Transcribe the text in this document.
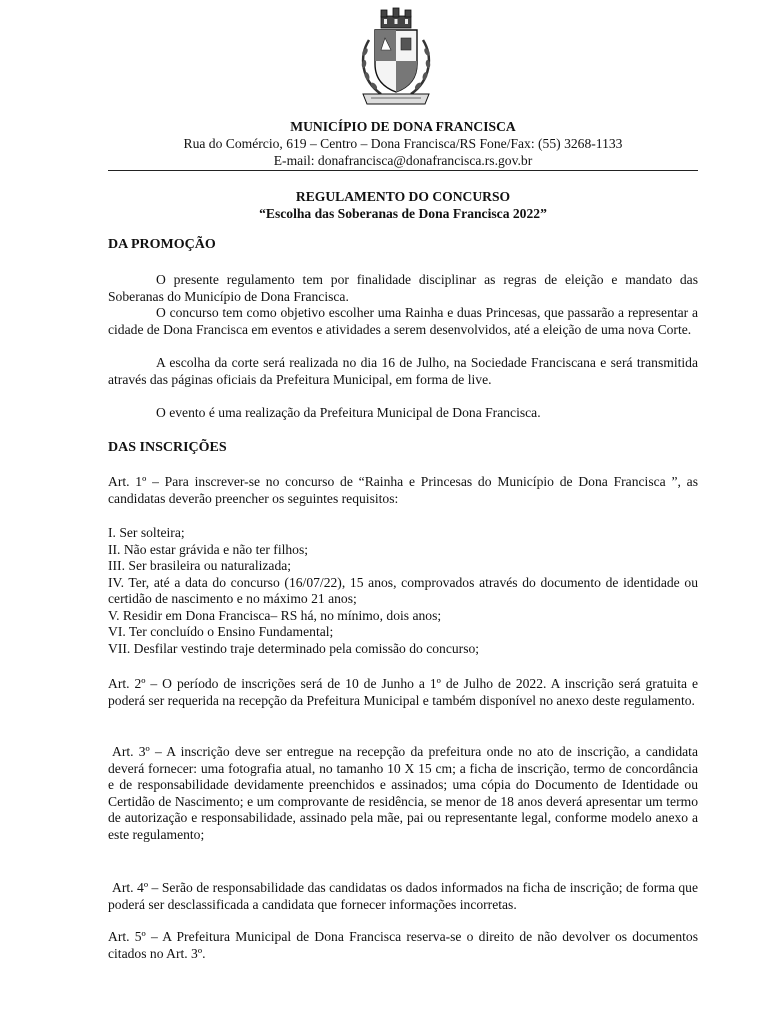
MUNICÍPIO DE DONA FRANCISCA
Rua do Comércio, 619 – Centro – Dona Francisca/RS Fone/Fax: (55) 3268-1133
E-mail: donafrancisca@donafrancisca.rs.gov.br
REGULAMENTO DO CONCURSO
“Escolha das Soberanas de Dona Francisca 2022”
DA PROMOÇÃO
O presente regulamento tem por finalidade disciplinar as regras de eleição e mandato das Soberanas do Município de Dona Francisca.
O concurso tem como objetivo escolher uma Rainha e duas Princesas, que passarão a representar a cidade de Dona Francisca em eventos e atividades a serem desenvolvidos, até a eleição de uma nova Corte.
A escolha da corte será realizada no dia 16 de Julho, na Sociedade Franciscana e será transmitida através das páginas oficiais da Prefeitura Municipal, em forma de live.
O evento é uma realização da Prefeitura Municipal de Dona Francisca.
DAS INSCRIÇÕES
Art. 1º – Para inscrever-se no concurso de “Rainha e Princesas do Município de Dona Francisca ”, as candidatas deverão preencher os seguintes requisitos:
I. Ser solteira;
II. Não estar grávida e não ter filhos;
III. Ser brasileira ou naturalizada;
IV. Ter, até a data do concurso (16/07/22), 15 anos, comprovados através do documento de identidade ou certidão de nascimento e no máximo 21 anos;
V. Residir em Dona Francisca– RS há, no mínimo, dois anos;
VI. Ter concluído o Ensino Fundamental;
VII. Desfilar vestindo traje determinado pela comissão do concurso;
Art. 2º – O período de inscrições será de 10 de Junho a 1º de Julho de 2022. A inscrição será gratuita e poderá ser requerida na recepção da Prefeitura Municipal e também disponível no anexo deste regulamento.
Art. 3º – A inscrição deve ser entregue na recepção da prefeitura onde no ato de inscrição, a candidata deverá fornecer: uma fotografia atual, no tamanho 10 X 15 cm; a ficha de inscrição, termo de concordância e de responsabilidade devidamente preenchidos e assinados; uma cópia do Documento de Identidade ou Certidão de Nascimento; e um comprovante de residência, se menor de 18 anos deverá apresentar um termo de autorização e responsabilidade, assinado pela mãe, pai ou representante legal, conforme modelo anexo a este regulamento;
Art. 4º – Serão de responsabilidade das candidatas os dados informados na ficha de inscrição; de forma que poderá ser desclassificada a candidata que fornecer informações incorretas.
Art. 5º – A Prefeitura Municipal de Dona Francisca reserva-se o direito de não devolver os documentos citados no Art. 3º.
